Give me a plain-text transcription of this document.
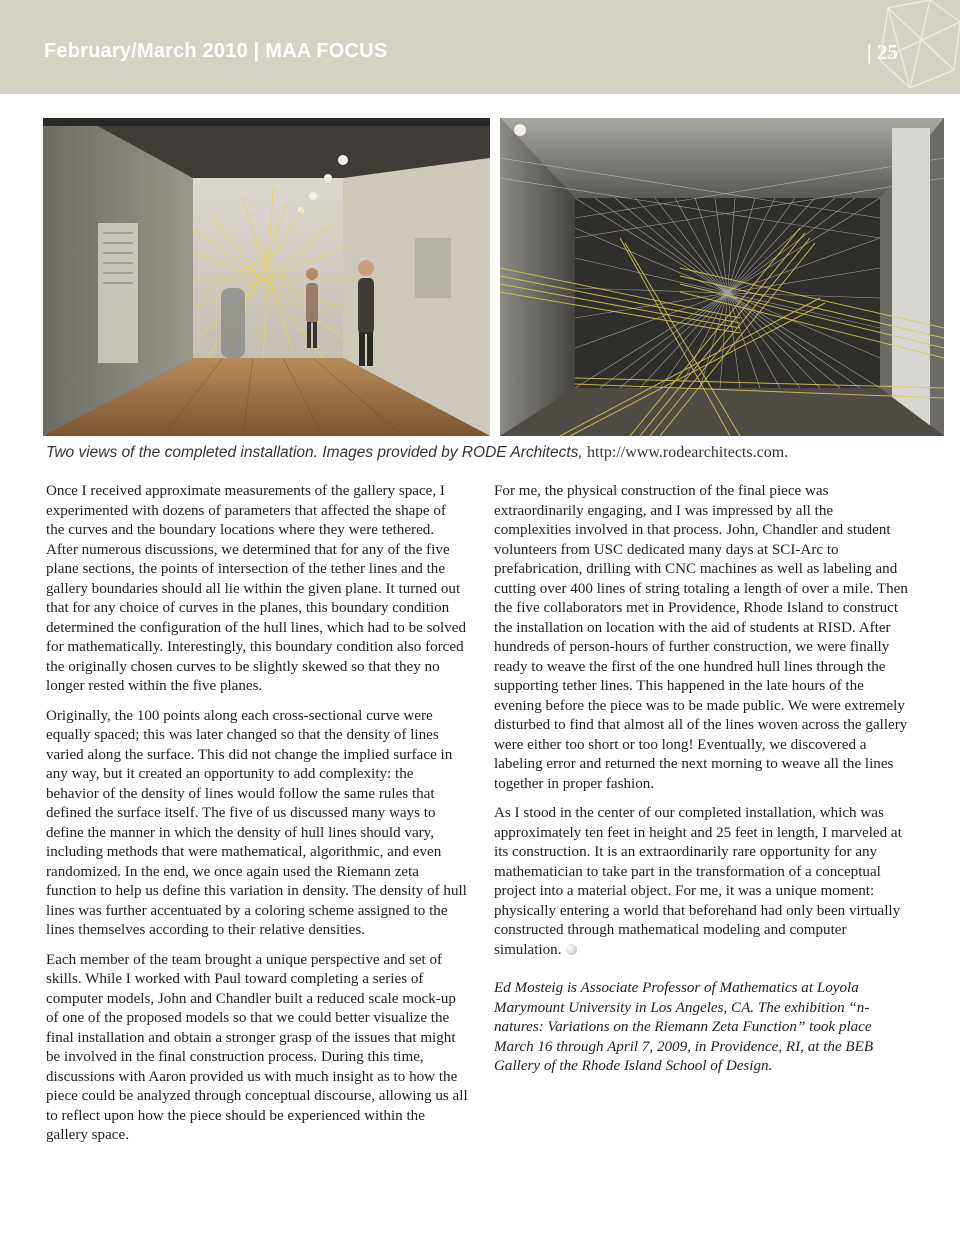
February/March 2010 | MAA FOCUS	| 25
Two views of the completed installation. Images provided by RODE Architects, http://www.rodearchitects.com.

Once I received approximate measurements of the gallery space, I experimented with dozens of parameters that affected the shape of the curves and the boundary locations where they were tethered. After numerous discussions, we determined that for any of the five plane sections, the points of intersection of the tether lines and the gallery boundaries should all lie within the given plane. It turned out that for any choice of curves in the planes, this boundary condition determined the configuration of the hull lines, which had to be solved for mathematically. Interestingly, this boundary condition also forced the originally chosen curves to be slightly skewed so that they no longer rested within the five planes.

Originally, the 100 points along each cross-sectional curve were equally spaced; this was later changed so that the density of lines varied along the surface. This did not change the implied surface in any way, but it created an opportunity to add complexity: the behavior of the density of lines would follow the same rules that defined the surface itself. The five of us discussed many ways to define the manner in which the density of hull lines should vary, including methods that were mathematical, algorithmic, and even randomized. In the end, we once again used the Riemann zeta function to help us define this variation in density. The density of hull lines was further accentuated by a coloring scheme assigned to the lines themselves according to their relative densities.

Each member of the team brought a unique perspective and set of skills. While I worked with Paul toward completing a series of computer models, John and Chandler built a reduced scale mock-up of one of the proposed models so that we could better visualize the final installation and obtain a stronger grasp of the issues that might be involved in the final construction process. During this time, discussions with Aaron provided us with much insight as to how the piece could be analyzed through conceptual discourse, allowing us all to reflect upon how the piece should be experienced within the gallery space.

For me, the physical construction of the final piece was extraordinarily engaging, and I was impressed by all the complexities involved in that process. John, Chandler and student volunteers from USC dedicated many days at SCI-Arc to prefabrication, drilling with CNC machines as well as labeling and cutting over 400 lines of string totaling a length of over a mile. Then the five collaborators met in Providence, Rhode Island to construct the installation on location with the aid of students at RISD. After hundreds of person-hours of further construction, we were finally ready to weave the first of the one hundred hull lines through the supporting tether lines. This happened in the late hours of the evening before the piece was to be made public. We were extremely disturbed to find that almost all of the lines woven across the gallery were either too short or too long! Eventually, we discovered a labeling error and returned the next morning to weave all the lines together in proper fashion.

As I stood in the center of our completed installation, which was approximately ten feet in height and 25 feet in length, I marveled at its construction. It is an extraordinarily rare opportunity for any mathematician to take part in the transformation of a conceptual project into a material object. For me, it was a unique moment: physically entering a world that beforehand had only been virtually constructed through mathematical modeling and computer simulation.

Ed Mosteig is Associate Professor of Mathematics at Loyola Marymount University in Los Angeles, CA. The exhibition “n-natures: Variations on the Riemann Zeta Function” took place March 16 through April 7, 2009, in Providence, RI, at the BEB Gallery of the Rhode Island School of Design.
